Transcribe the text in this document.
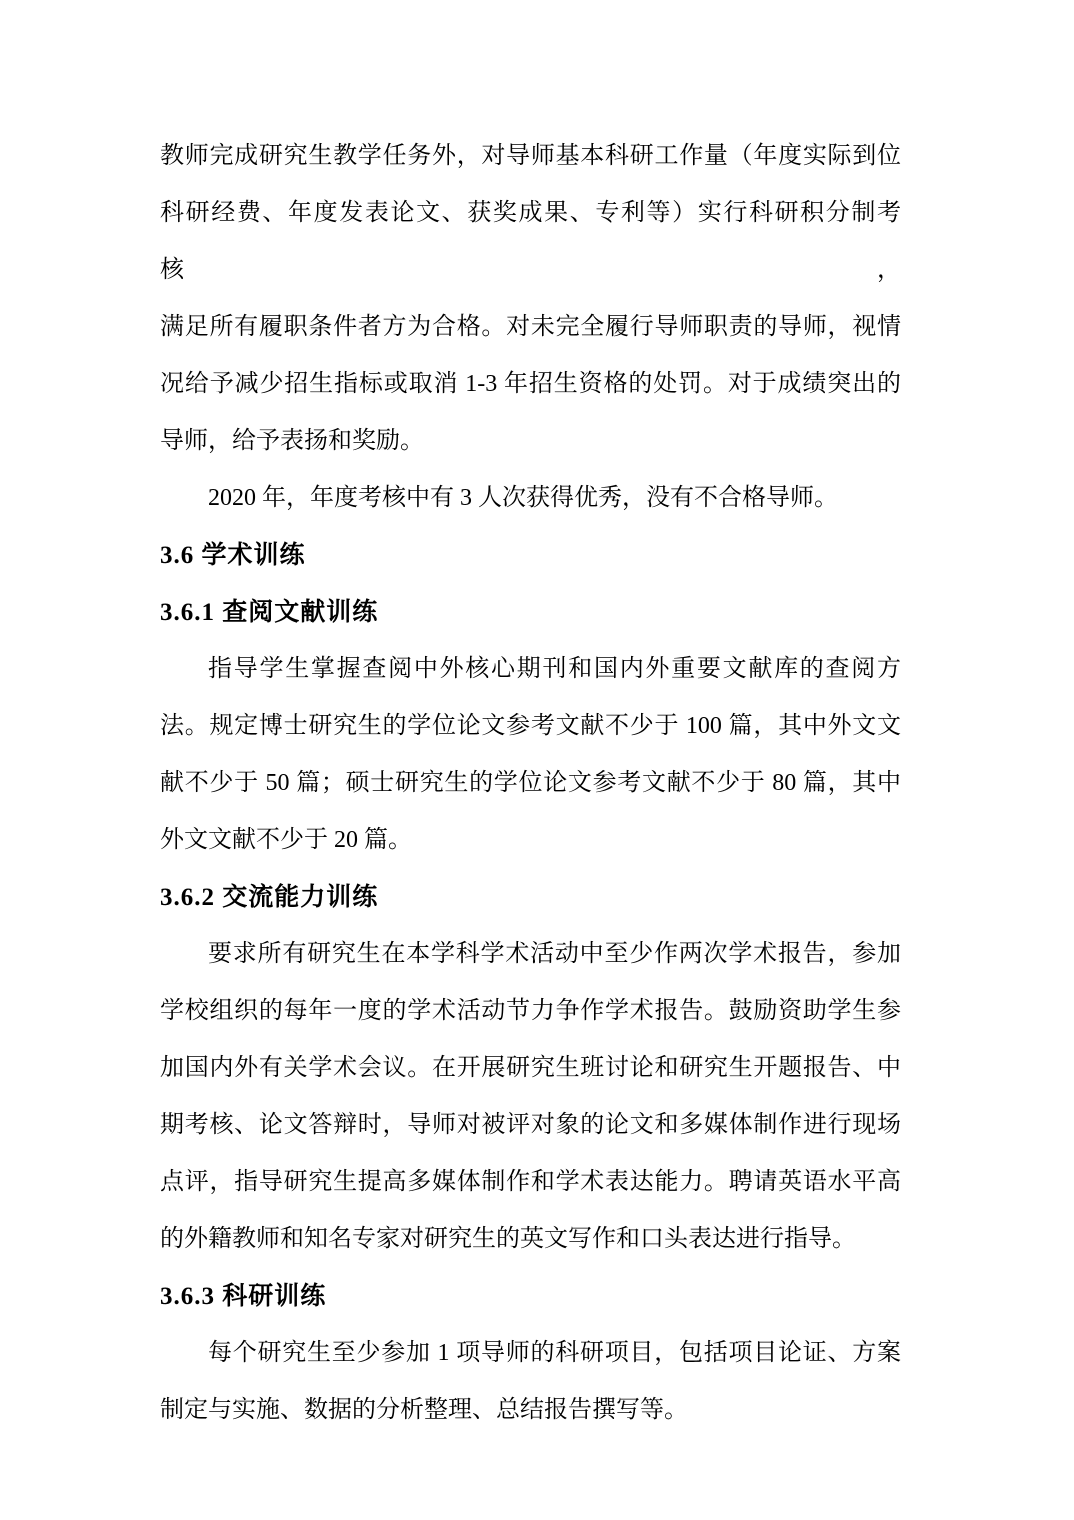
教师完成研究生教学任务外，对导师基本科研工作量（年度实际到位
科研经费、年度发表论文、获奖成果、专利等）实行科研积分制考核，
满足所有履职条件者方为合格。对未完全履行导师职责的导师，视情
况给予减少招生指标或取消 1-3 年招生资格的处罚。对于成绩突出的
导师，给予表扬和奖励。
2020 年，年度考核中有 3 人次获得优秀，没有不合格导师。
3.6 学术训练
3.6.1 查阅文献训练
指导学生掌握查阅中外核心期刊和国内外重要文献库的查阅方
法。规定博士研究生的学位论文参考文献不少于 100 篇，其中外文文
献不少于 50 篇；硕士研究生的学位论文参考文献不少于 80 篇，其中
外文文献不少于 20 篇。
3.6.2 交流能力训练
要求所有研究生在本学科学术活动中至少作两次学术报告，参加
学校组织的每年一度的学术活动节力争作学术报告。鼓励资助学生参
加国内外有关学术会议。在开展研究生班讨论和研究生开题报告、中
期考核、论文答辩时，导师对被评对象的论文和多媒体制作进行现场
点评，指导研究生提高多媒体制作和学术表达能力。聘请英语水平高
的外籍教师和知名专家对研究生的英文写作和口头表达进行指导。
3.6.3 科研训练
每个研究生至少参加 1 项导师的科研项目，包括项目论证、方案
制定与实施、数据的分析整理、总结报告撰写等。
